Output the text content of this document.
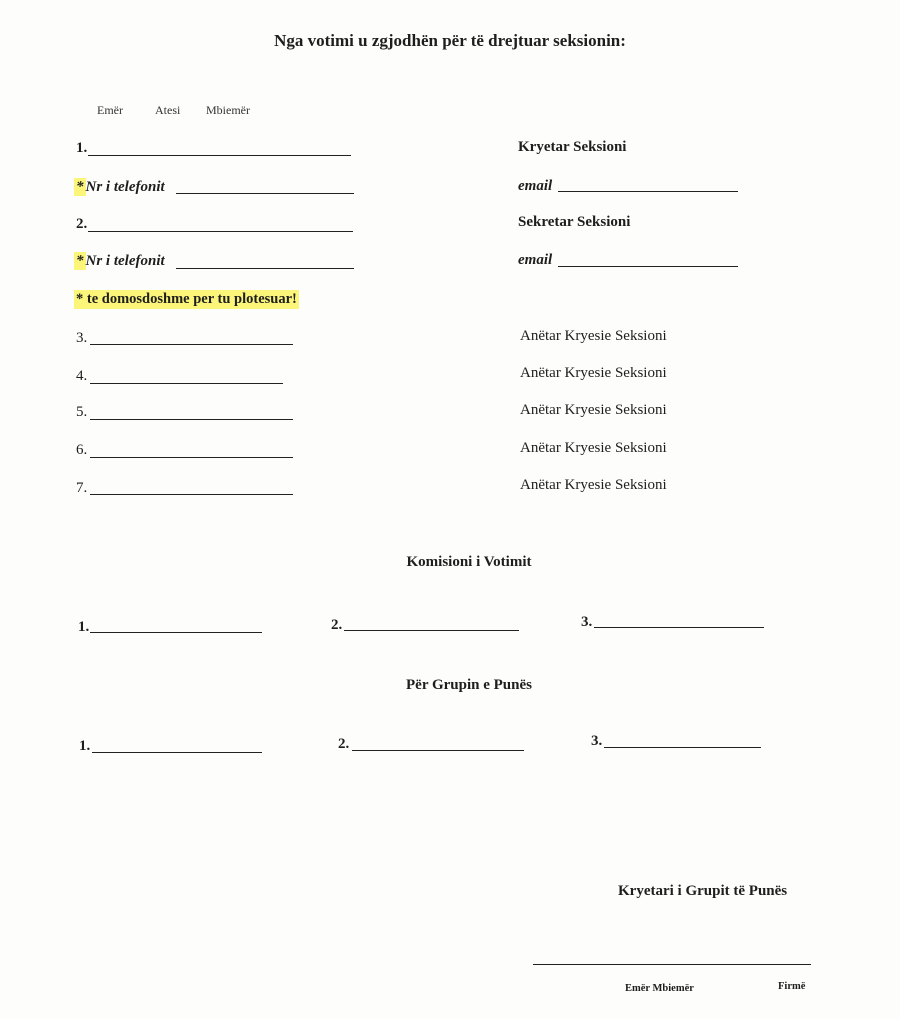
Nga votimi u zgjodhën për të drejtuar seksionin:
Emër	Atesi Mbiemër
1.	Kryetar Seksioni
* Nr i telefonit	email
2.	Sekretar Seksioni
* Nr i telefonit	email
* te domosdoshme per tu plotesuar!
3.	Anëtar Kryesie Seksioni
4.	Anëtar Kryesie Seksioni
5.	Anëtar Kryesie Seksioni
6.	Anëtar Kryesie Seksioni
7.	Anëtar Kryesie Seksioni
Komisioni i Votimit
1.	2.	3.
Për Grupin e Punës
1.	2.	3.
Kryetari i Grupit të Punës
Emër Mbiemër	Firmë
